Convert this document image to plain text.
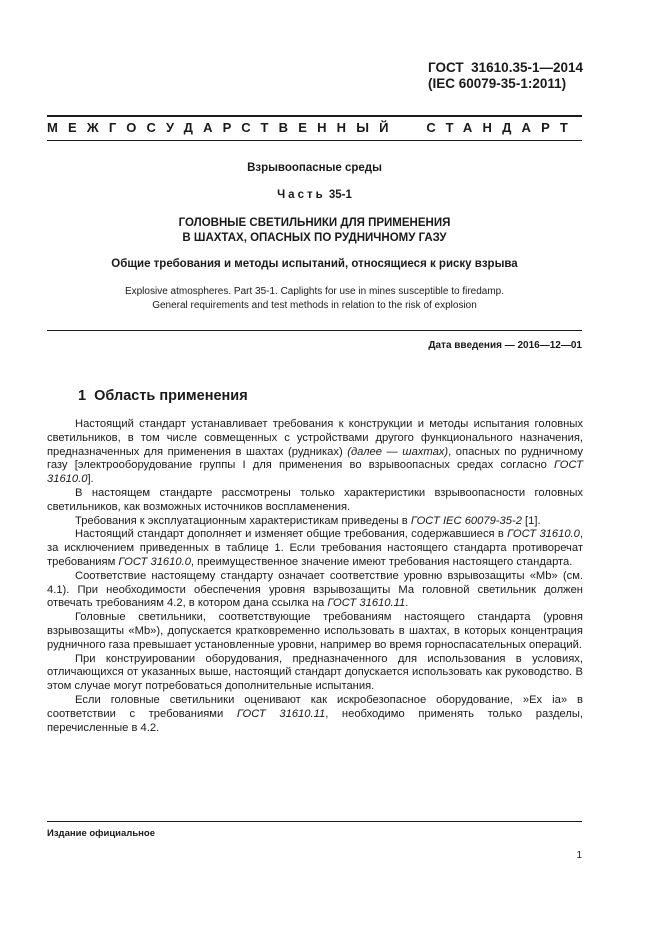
ГОСТ  31610.35-1—2014
(IEC 60079-35-1:2011)
МЕЖГОСУДАРСТВЕННЫЙ  СТАНДАРТ
Взрывоопасные среды
Часть 35-1
ГОЛОВНЫЕ СВЕТИЛЬНИКИ ДЛЯ ПРИМЕНЕНИЯ
В ШАХТАХ, ОПАСНЫХ ПО РУДНИЧНОМУ ГАЗУ
Общие требования и методы испытаний, относящиеся к риску взрыва
Explosive atmospheres. Part 35-1. Caplights for use in mines susceptible to firedamp.
General requirements and test methods in relation to the risk of explosion
Дата введения — 2016—12—01
1  Область применения

Настоящий стандарт устанавливает требования к конструкции и методы испытания головных светильников, в том числе совмещенных с устройствами другого функционального назначения, предназначенных для применения в шахтах (рудниках) (далее — шахтах), опасных по рудничному газу [электрооборудование группы I для применения во взрывоопасных средах согласно ГОСТ 31610.0].

В настоящем стандарте рассмотрены только характеристики взрывоопасности головных светильников, как возможных источников воспламенения.

Требования к эксплуатационным характеристикам приведены в ГОСТ IEC 60079-35-2 [1].

Настоящий стандарт дополняет и изменяет общие требования, содержавшиеся в ГОСТ 31610.0, за исключением приведенных в таблице 1. Если требования настоящего стандарта противоречат требованиям ГОСТ 31610.0, преимущественное значение имеют требования настоящего стандарта.

Соответствие настоящему стандарту означает соответствие уровню взрывозащиты «Mb» (см. 4.1). При необходимости обеспечения уровня взрывозащиты Ма головной светильник должен отвечать требованиям 4.2, в котором дана ссылка на ГОСТ 31610.11.

Головные светильники, соответствующие требованиям настоящего стандарта (уровня взрывозащиты «Mb»), допускается кратковременно использовать в шахтах, в которых концентрация рудничного газа превышает установленные уровни, например во время горноспасательных операций.

При конструировании оборудования, предназначенного для использования в условиях, отличающихся от указанных выше, настоящий стандарт допускается использовать как руководство. В этом случае могут потребоваться дополнительные испытания.

Если головные светильники оценивают как искробезопасное оборудование, »Ex ia» в соответствии с требованиями ГОСТ 31610.11, необходимо применять только разделы, перечисленные в 4.2.

Издание официальное
1
